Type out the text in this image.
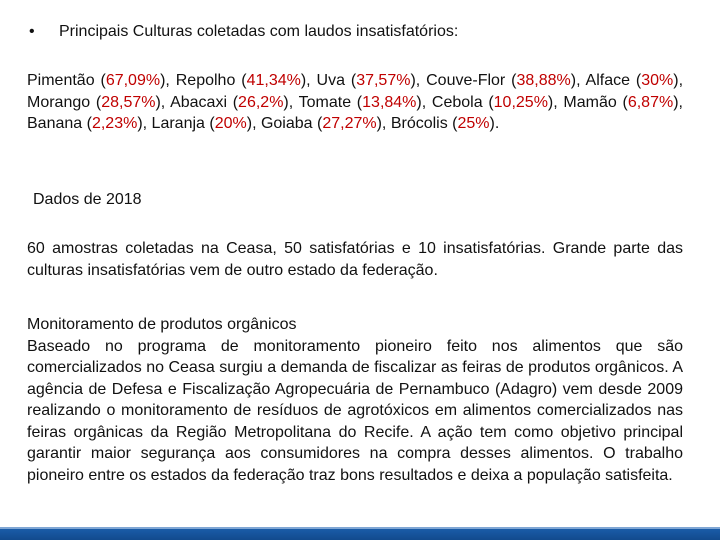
• Principais Culturas coletadas com laudos insatisfatórios:
Pimentão (67,09%), Repolho (41,34%), Uva (37,57%), Couve-Flor (38,88%), Alface (30%), Morango (28,57%), Abacaxi (26,2%), Tomate (13,84%), Cebola (10,25%), Mamão (6,87%), Banana (2,23%), Laranja (20%), Goiaba (27,27%), Brócolis (25%).
Dados de 2018
60 amostras coletadas na Ceasa, 50 satisfatórias e 10 insatisfatórias. Grande parte das culturas insatisfatórias vem de outro estado da federação.
Monitoramento de produtos orgânicos
Baseado no programa de monitoramento pioneiro feito nos alimentos que são comercializados no Ceasa surgiu a demanda de fiscalizar as feiras de produtos orgânicos. A agência de Defesa e Fiscalização Agropecuária de Pernambuco (Adagro) vem desde 2009 realizando o monitoramento de resíduos de agrotóxicos em alimentos comercializados nas feiras orgânicas da Região Metropolitana do Recife. A ação tem como objetivo principal garantir maior segurança aos consumidores na compra desses alimentos. O trabalho pioneiro entre os estados da federação traz bons resultados e deixa a população satisfeita.
